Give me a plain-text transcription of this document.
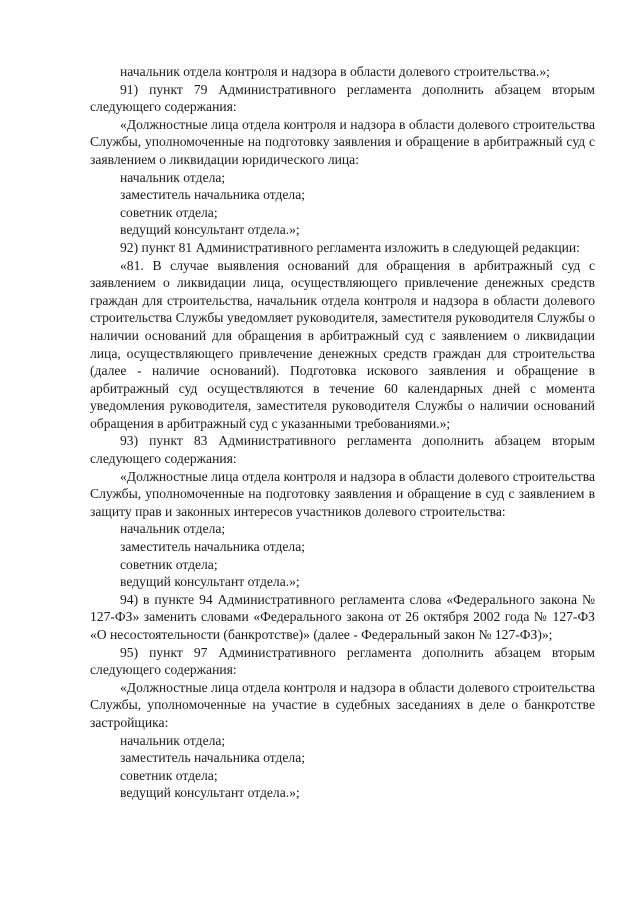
начальник отдела контроля и надзора в области долевого строительства.»;

91) пункт 79 Административного регламента дополнить абзацем вторым следующего содержания:

«Должностные лица отдела контроля и надзора в области долевого строительства Службы, уполномоченные на подготовку заявления и обращение в арбитражный суд с заявлением о ликвидации юридического лица:

начальник отдела;

заместитель начальника отдела;

советник отдела;

ведущий консультант отдела.»;

92) пункт 81 Административного регламента изложить в следующей редакции:

«81. В случае выявления оснований для обращения в арбитражный суд с заявлением о ликвидации лица, осуществляющего привлечение денежных средств граждан для строительства, начальник отдела контроля и надзора в области долевого строительства Службы уведомляет руководителя, заместителя руководителя Службы о наличии оснований для обращения в арбитражный суд с заявлением о ликвидации лица, осуществляющего привлечение денежных средств граждан для строительства (далее - наличие оснований). Подготовка искового заявления и обращение в арбитражный суд осуществляются в течение 60 календарных дней с момента уведомления руководителя, заместителя руководителя Службы о наличии оснований обращения в арбитражный суд с указанными требованиями.»;

93) пункт 83 Административного регламента дополнить абзацем вторым следующего содержания:

«Должностные лица отдела контроля и надзора в области долевого строительства Службы, уполномоченные на подготовку заявления и обращение в суд с заявлением в защиту прав и законных интересов участников долевого строительства:

начальник отдела;

заместитель начальника отдела;

советник отдела;

ведущий консультант отдела.»;

94) в пункте 94 Административного регламента слова «Федерального закона № 127-ФЗ» заменить словами «Федерального закона от 26 октября 2002 года № 127-ФЗ «О несостоятельности (банкротстве)» (далее - Федеральный закон № 127-ФЗ)»;

95) пункт 97 Административного регламента дополнить абзацем вторым следующего содержания:

«Должностные лица отдела контроля и надзора в области долевого строительства Службы, уполномоченные на участие в судебных заседаниях в деле о банкротстве застройщика:

начальник отдела;

заместитель начальника отдела;

советник отдела;

ведущий консультант отдела.»;
